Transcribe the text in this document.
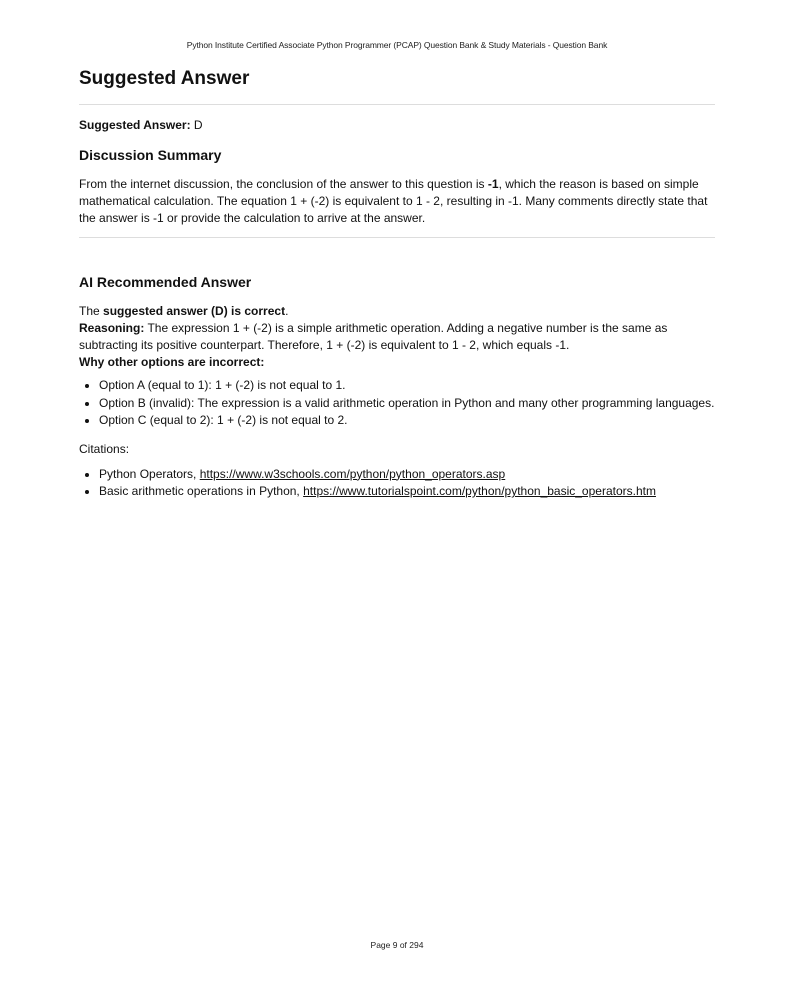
Python Institute Certified Associate Python Programmer (PCAP) Question Bank & Study Materials - Question Bank
Suggested Answer
Suggested Answer: D
Discussion Summary

From the internet discussion, the conclusion of the answer to this question is -1, which the reason is based on simple mathematical calculation. The equation 1 + (-2) is equivalent to 1 - 2, resulting in -1. Many comments directly state that the answer is -1 or provide the calculation to arrive at the answer.

AI Recommended Answer

The suggested answer (D) is correct.

Reasoning: The expression 1 + (-2) is a simple arithmetic operation. Adding a negative number is the same as subtracting its positive counterpart. Therefore, 1 + (-2) is equivalent to 1 - 2, which equals -1.

Why other options are incorrect:

• Option A (equal to 1): 1 + (-2) is not equal to 1.
• Option B (invalid): The expression is a valid arithmetic operation in Python and many other programming languages.
• Option C (equal to 2): 1 + (-2) is not equal to 2.

Citations:

• Python Operators, https://www.w3schools.com/python/python_operators.asp
• Basic arithmetic operations in Python, https://www.tutorialspoint.com/python/python_basic_operators.htm
Page 9 of 294
